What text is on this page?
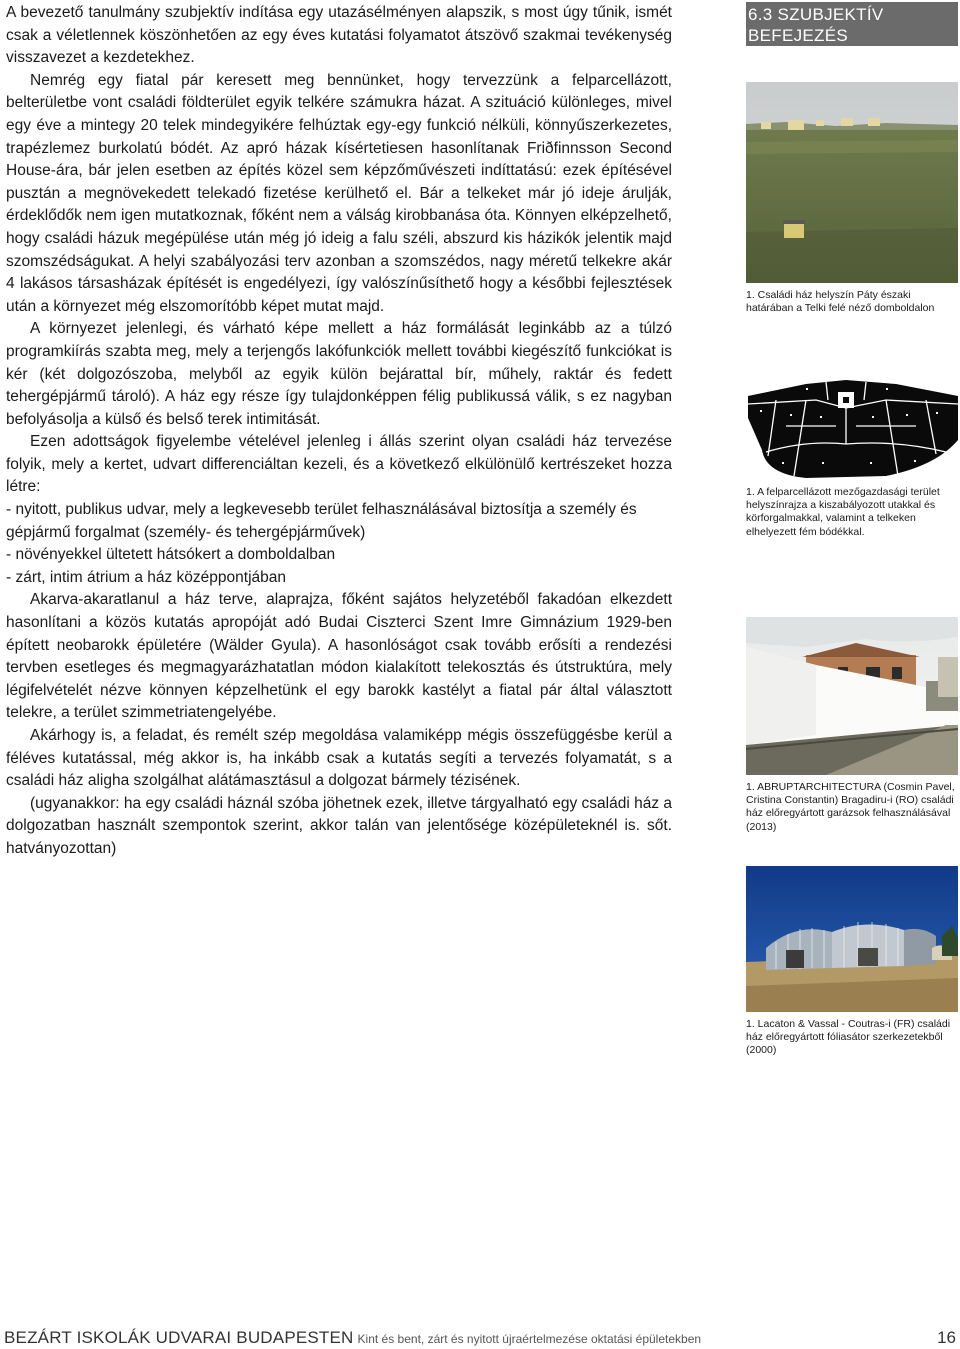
A bevezető tanulmány szubjektív indítása egy utazásélményen alapszik, s most úgy tűnik, ismét csak a véletlennek köszönhetően az egy éves kutatási folyamatot átszövő szakmai tevékenység visszavezet a kezdetekhez.

Nemrég egy fiatal pár keresett meg bennünket, hogy tervezzünk a felparcellázott, belterületbe vont családi földterület egyik telkére számukra házat. A szituáció különleges, mivel egy éve a mintegy 20 telek mindegyikére felhúztak egy-egy funkció nélküli, könnyűszerkezetes, trapézlemez burkolatú bódét. Az apró házak kísértetiesen hasonlítanak Friðfinnsson Second House-ára, bár jelen esetben az építés közel sem képzőművészeti indíttatású: ezek építésével pusztán a megnövekedett telekadó fizetése kerülhető el. Bár a telkeket már jó ideje árulják, érdeklődők nem igen mutatkoznak, főként nem a válság kirobbanása óta. Könnyen elképzelhető, hogy családi házuk megépülése után még jó ideig a falu széli, abszurd kis házikók jelentik majd szomszédságukat. A helyi szabályozási terv azonban a szomszédos, nagy méretű telkekre akár 4 lakásos társasházak építését is engedélyezi, így valószínűsíthető hogy a későbbi fejlesztések után a környezet még elszomorítóbb képet mutat majd.

A környezet jelenlegi, és várható képe mellett a ház formálását leginkább az a túlzó programkiírás szabta meg, mely a terjengős lakófunkciók mellett további kiegészítő funkciókat is kér (két dolgozószoba, melyből az egyik külön bejárattal bír, műhely, raktár és fedett tehergépjármű tároló). A ház egy része így tulajdonképpen félig publikussá válik, s ez nagyban befolyásolja a külső és belső terek intimitását.

Ezen adottságok figyelembe vételével jelenleg i állás szerint olyan családi ház tervezése folyik, mely a kertet, udvart differenciáltan kezeli, és a következő elkülönülő kertrészeket hozza létre:

- nyitott, publikus udvar, mely a legkevesebb terület felhasználásával biztosítja a személy és gépjármű forgalmat (személy- és tehergépjárművek)

- növényekkel ültetett hátsókert a domboldalban

- zárt, intim átrium a ház középpontjában

Akarva-akaratlanul a ház terve, alaprajza, főként sajátos helyzetéből fakadóan elkezdett hasonlítani a közös kutatás apropóját adó Budai Ciszterci Szent Imre Gimnázium 1929-ben épített neobarokk épületére (Wälder Gyula). A hasonlóságot csak tovább erősíti a rendezési tervben esetleges és megmagyarázhatatlan módon kialakított telekosztás és útstruktúra, mely légifelvételét nézve könnyen képzelhetünk el egy barokk kastélyt a fiatal pár által választott telekre, a terület szimmetriatengelyébe.

Akárhogy is, a feladat, és remélt szép megoldása valamiképp mégis összefüggésbe kerül a féléves kutatással, még akkor is, ha inkább csak a kutatás segíti a tervezés folyamatát, s a családi ház aligha szolgálhat alátámasztásul a dolgozat bármely tézisének.

(ugyanakkor: ha egy családi háznál szóba jöhetnek ezek, illetve tárgyalható egy családi ház a dolgozatban használt szempontok szerint, akkor talán van jelentősége középületeknél is. sőt. hatványozottan)

6.3 SZUBJEKTÍV BEFEJEZÉS
1. Családi ház helyszín Páty északi határában a Telki felé néző domboldalon
1. A felparcellázott mezőgazdasági terület helyszínrajza a kiszabályozott utakkal és körforgalmakkal, valamint a telkeken elhelyezett fém bódékkal.
1. ABRUPTARCHITECTURA (Cosmin Pavel, Cristina Constantin) Bragadiru-i (RO) családi ház előregyártott garázsok felhasználásával (2013)
1. Lacaton & Vassal - Coutras-i (FR) családi ház előregyártott fóliasátor szerkezetekből (2000)
BEZÁRT ISKOLÁK UDVARAI BUDAPESTEN Kint és bent, zárt és nyitott újraértelmezése oktatási épületekben	16
